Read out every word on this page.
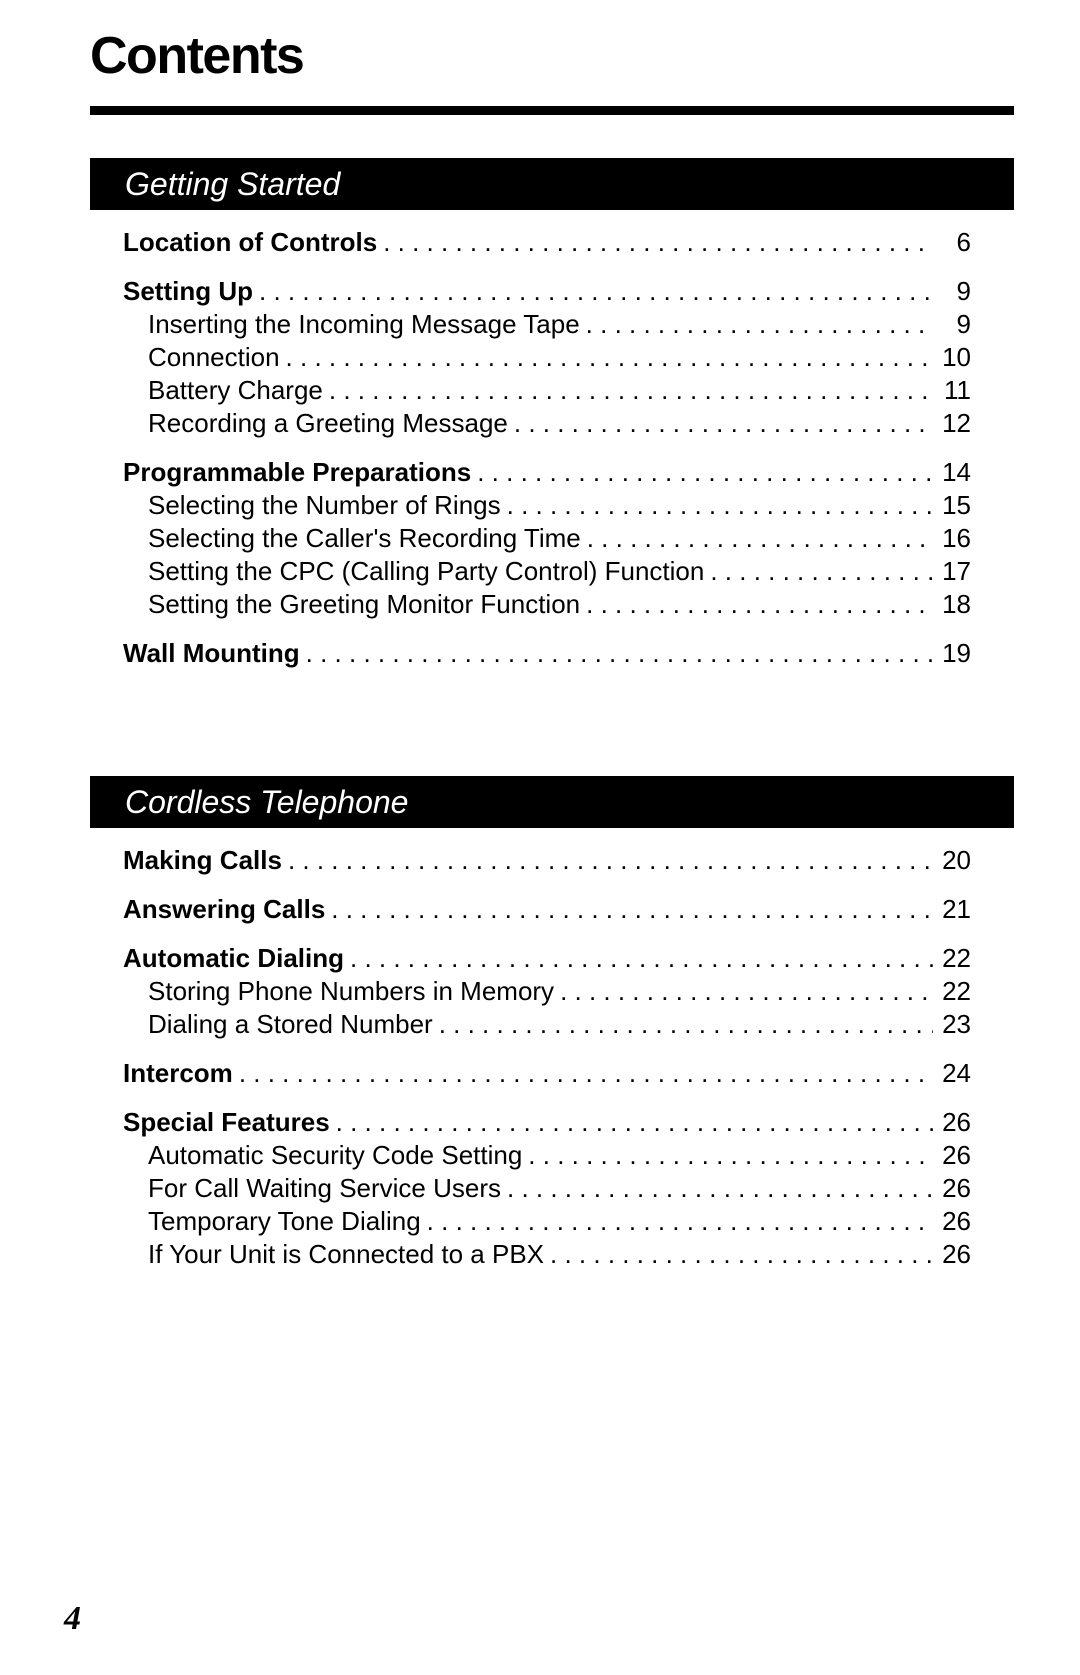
Contents
Getting Started
Location of Controls . . .	6
Setting Up . . .	9
Inserting the Incoming Message Tape . . .	9
Connection . . .	10
Battery Charge . . .	11
Recording a Greeting Message . . .	12
Programmable Preparations . . .	14
Selecting the Number of Rings . . .	15
Selecting the Caller's Recording Time . . .	16
Setting the CPC (Calling Party Control) Function . . .	17
Setting the Greeting Monitor Function . . .	18
Wall Mounting . . .	19
Cordless Telephone
Making Calls . . .	20
Answering Calls . . .	21
Automatic Dialing . . .	22
Storing Phone Numbers in Memory . . .	22
Dialing a Stored Number . . .	23
Intercom . . .	24
Special Features . . .	26
Automatic Security Code Setting . . .	26
For Call Waiting Service Users . . .	26
Temporary Tone Dialing . . .	26
If Your Unit is Connected to a PBX . . .	26
4
